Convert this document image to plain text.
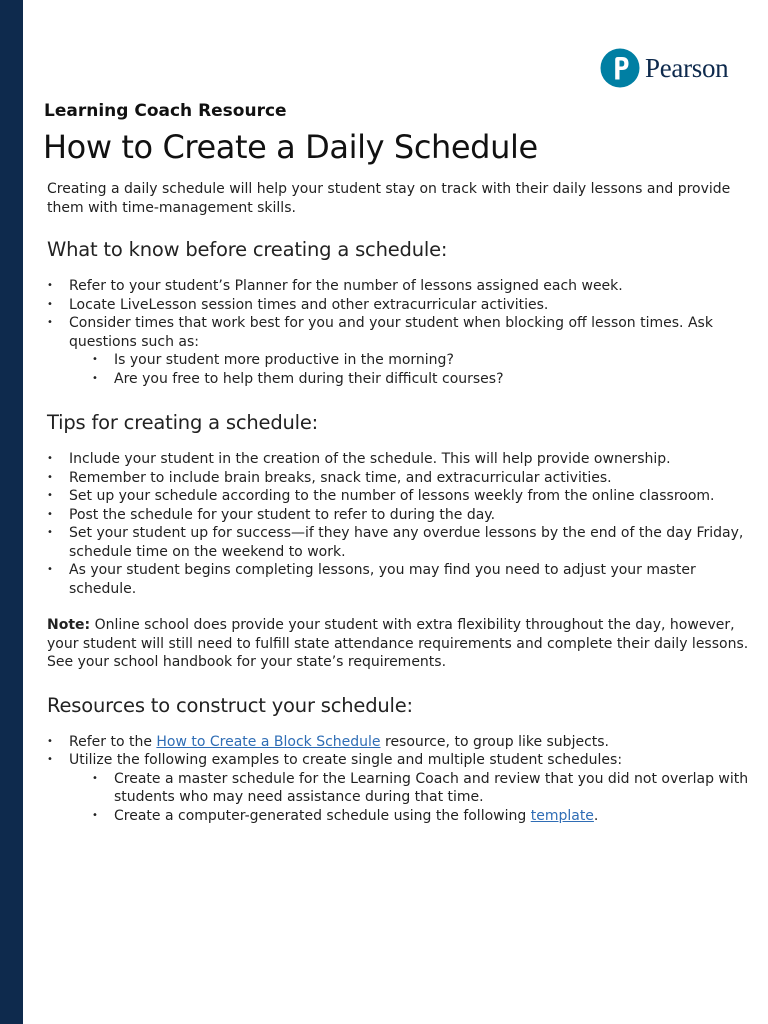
Pearson
Learning Coach Resource
How to Create a Daily Schedule

Creating a daily schedule will help your student stay on track with their daily lessons and provide them with time-management skills.

What to know before creating a schedule:
• Refer to your student’s Planner for the number of lessons assigned each week.
• Locate LiveLesson session times and other extracurricular activities.
• Consider times that work best for you and your student when blocking off lesson times. Ask questions such as:
• Is your student more productive in the morning?
• Are you free to help them during their difficult courses?
Tips for creating a schedule:
• Include your student in the creation of the schedule. This will help provide ownership.
• Remember to include brain breaks, snack time, and extracurricular activities.
• Set up your schedule according to the number of lessons weekly from the online classroom.
• Post the schedule for your student to refer to during the day.
• Set your student up for success—if they have any overdue lessons by the end of the day Friday, schedule time on the weekend to work.
• As your student begins completing lessons, you may find you need to adjust your master schedule.

Note: Online school does provide your student with extra flexibility throughout the day, however, your student will still need to fulfill state attendance requirements and complete their daily lessons. See your school handbook for your state’s requirements.

Resources to construct your schedule:
• Refer to the How to Create a Block Schedule resource, to group like subjects.
• Utilize the following examples to create single and multiple student schedules:
• Create a master schedule for the Learning Coach and review that you did not overlap with students who may need assistance during that time.
• Create a computer-generated schedule using the following template.
